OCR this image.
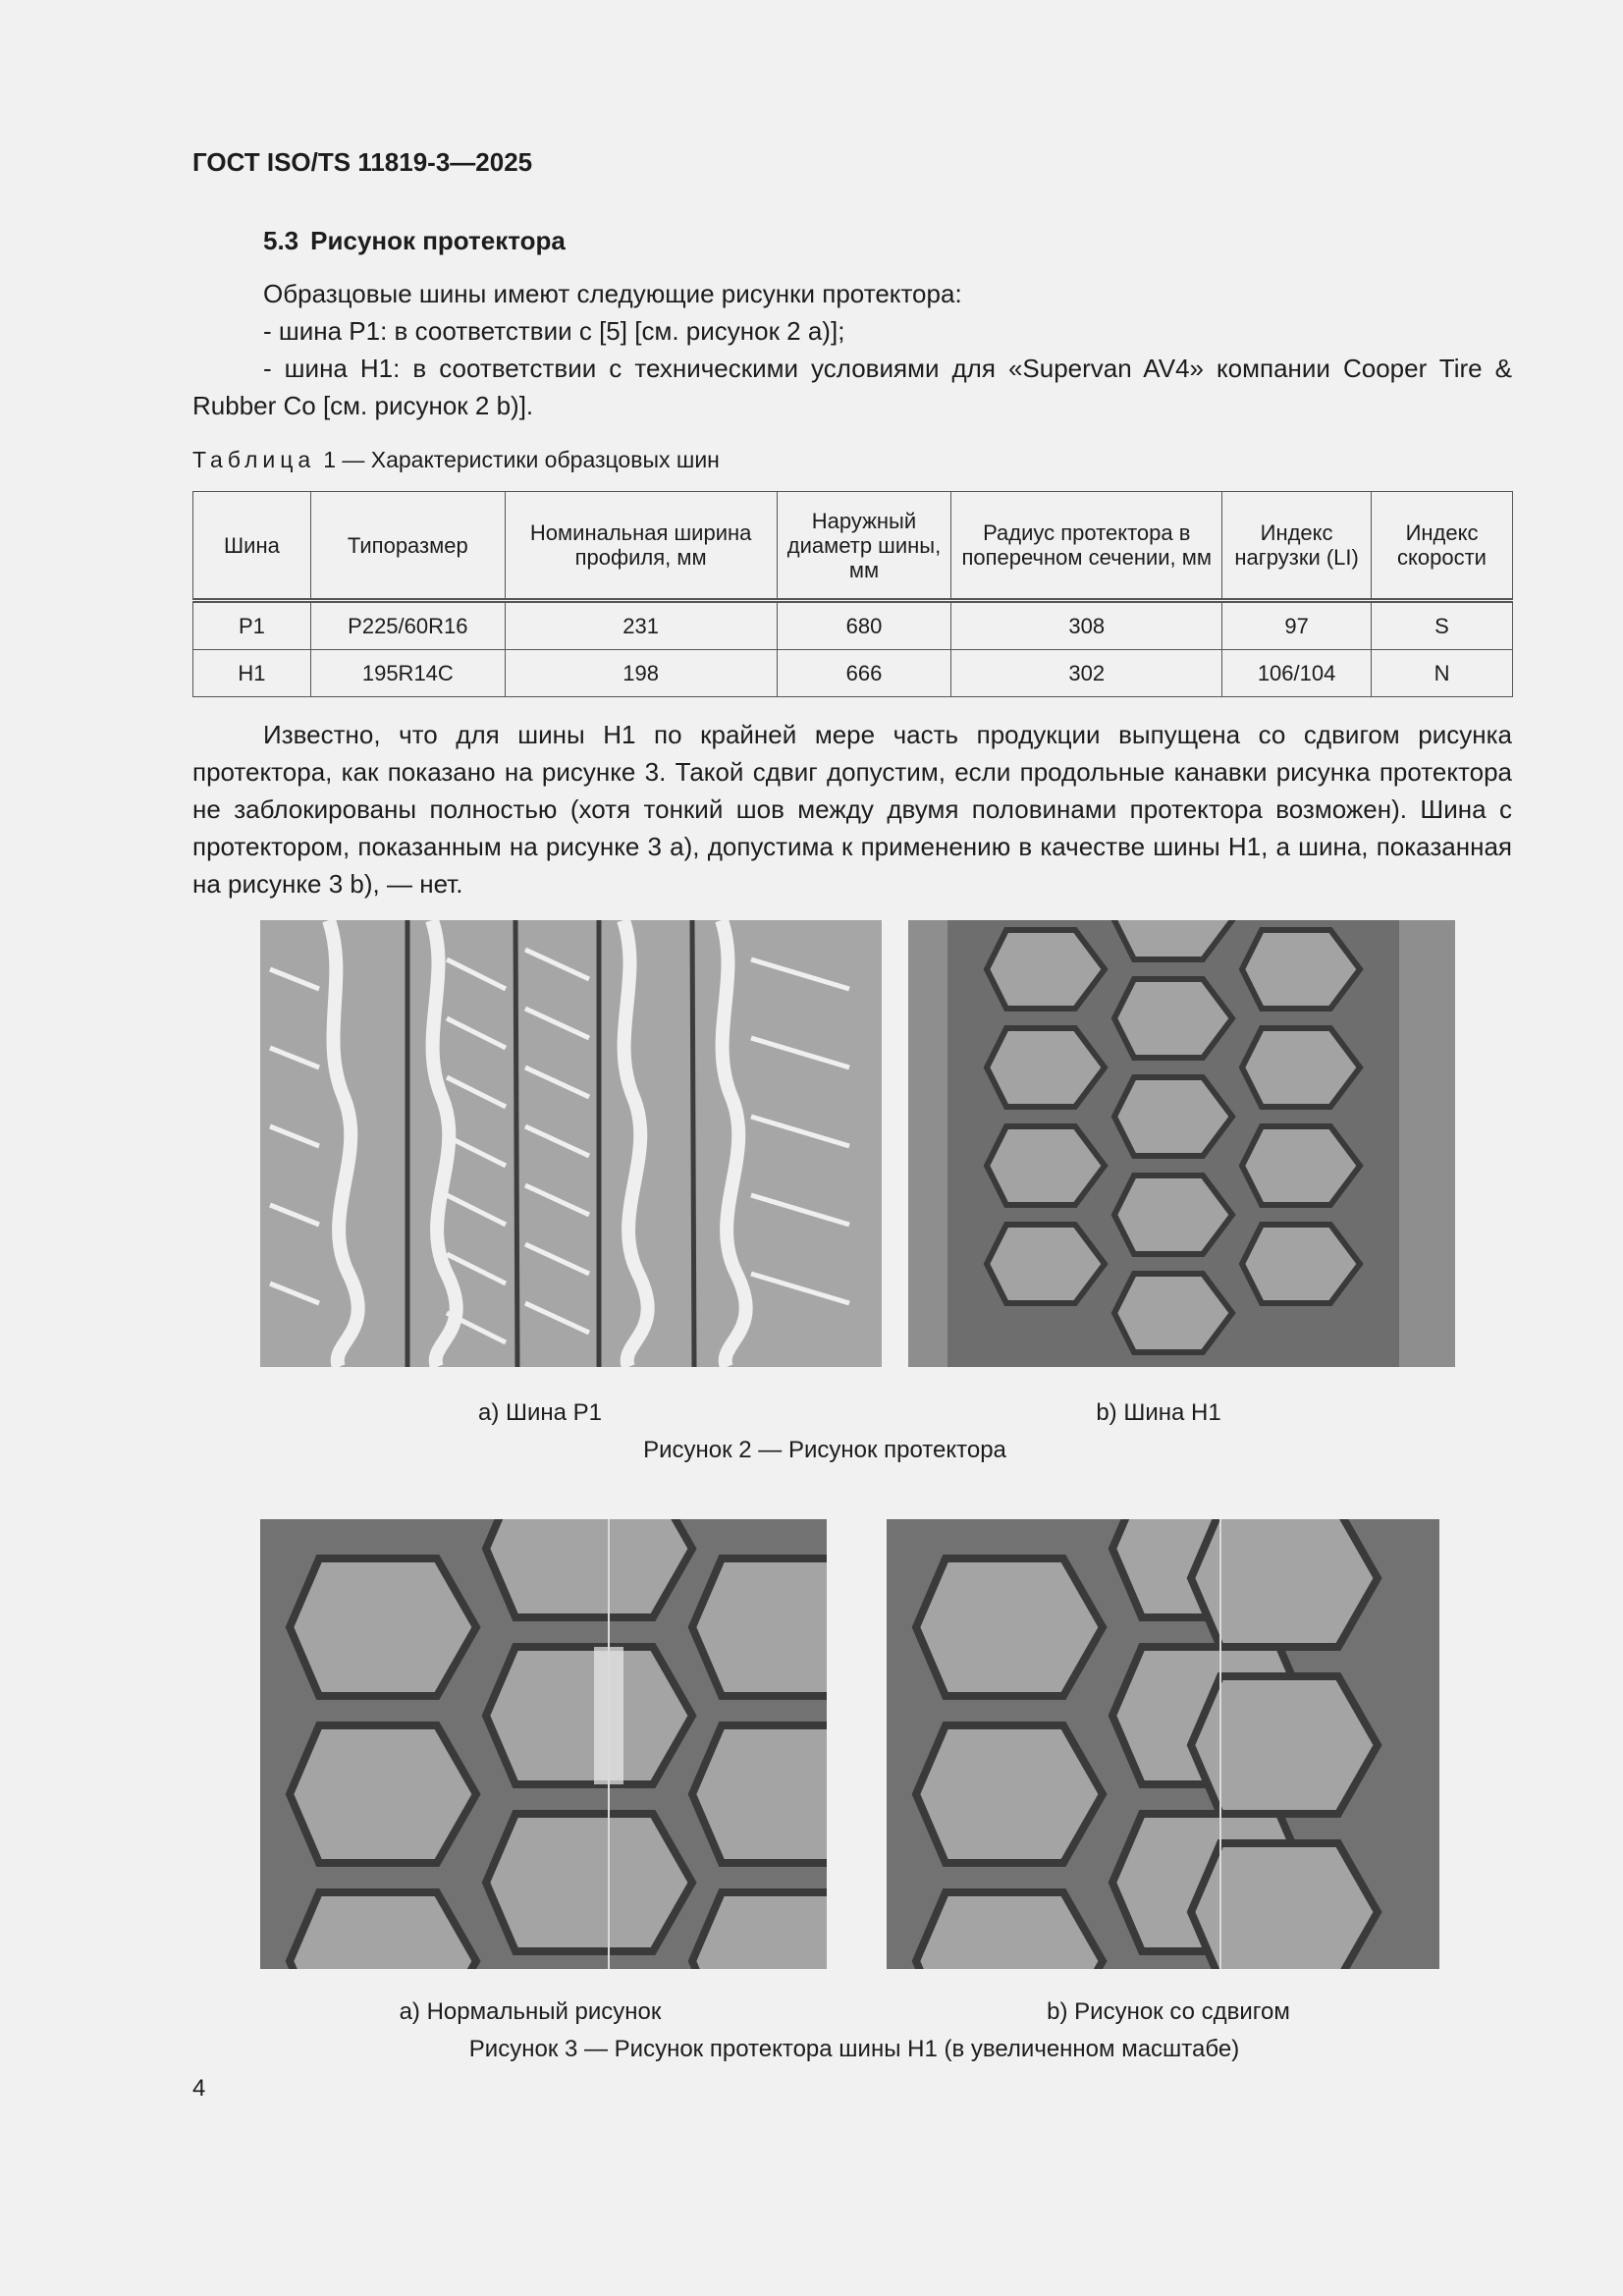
ГОСТ ISO/TS 11819-3—2025
5.3 Рисунок протектора
Образцовые шины имеют следующие рисунки протектора:
- шина P1: в соответствии с [5] [см. рисунок 2 а)];
- шина H1: в соответствии с техническими условиями для «Supervan AV4» компании Cooper Tire & Rubber Co [см. рисунок 2 b)].
Таблица 1 — Характеристики образцовых шин
Шина	Типоразмер	Номинальная ширина профиля, мм	Наружный диаметр шины, мм	Радиус протектора в поперечном сечении, мм	Индекс нагрузки (LI)	Индекс скорости
P1	P225/60R16	231	680	308	97	S
H1	195R14C	198	666	302	106/104	N
Известно, что для шины H1 по крайней мере часть продукции выпущена со сдвигом рисунка протектора, как показано на рисунке 3. Такой сдвиг допустим, если продольные канавки рисунка протектора не заблокированы полностью (хотя тонкий шов между двумя половинами протектора возможен). Шина с протектором, показанным на рисунке 3 a), допустима к применению в качестве шины H1, а шина, показанная на рисунке 3 b), — нет.
a) Шина P1	b) Шина H1
Рисунок 2 — Рисунок протектора
a) Нормальный рисунок	b) Рисунок со сдвигом
Рисунок 3 — Рисунок протектора шины H1 (в увеличенном масштабе)
4
